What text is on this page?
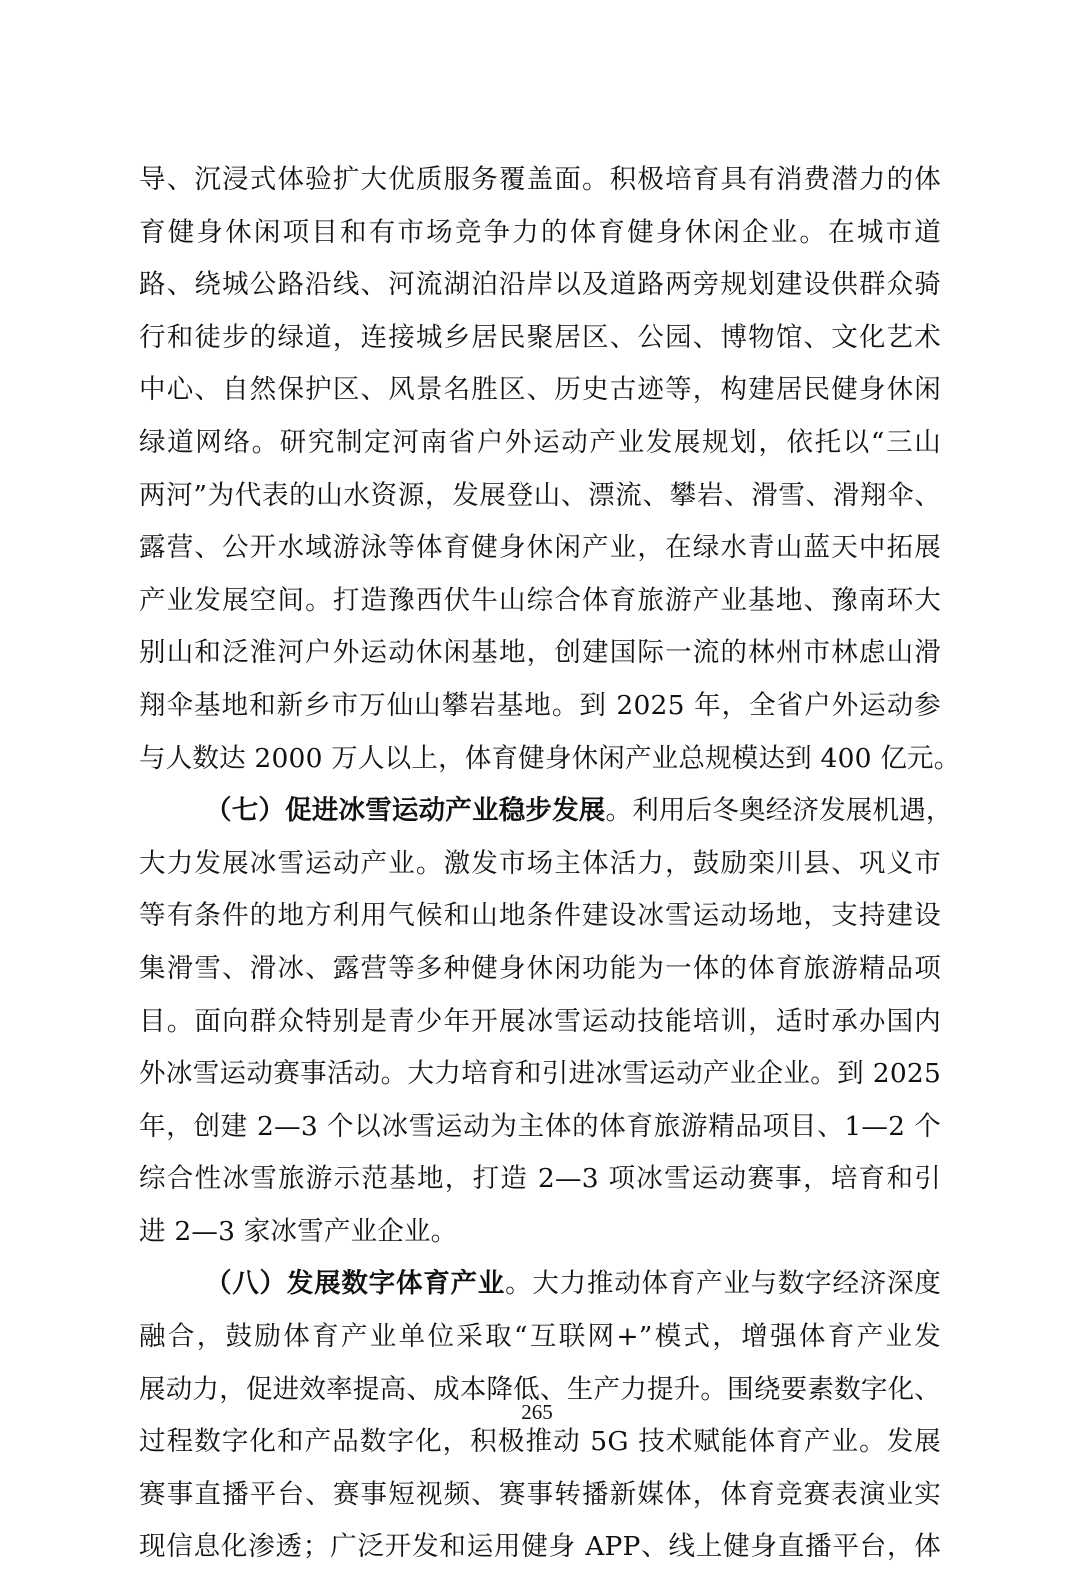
导、沉浸式体验扩大优质服务覆盖面。积极培育具有消费潜力的体
育健身休闲项目和有市场竞争力的体育健身休闲企业。在城市道
路、绕城公路沿线、河流湖泊沿岸以及道路两旁规划建设供群众骑
行和徒步的绿道，连接城乡居民聚居区、公园、博物馆、文化艺术
中心、自然保护区、风景名胜区、历史古迹等，构建居民健身休闲
绿道网络。研究制定河南省户外运动产业发展规划，依托以“三山
两河”为代表的山水资源，发展登山、漂流、攀岩、滑雪、滑翔伞、
露营、公开水域游泳等体育健身休闲产业，在绿水青山蓝天中拓展
产业发展空间。打造豫西伏牛山综合体育旅游产业基地、豫南环大
别山和泛淮河户外运动休闲基地，创建国际一流的林州市林虑山滑
翔伞基地和新乡市万仙山攀岩基地。到 2025 年，全省户外运动参
与人数达 2000 万人以上，体育健身休闲产业总规模达到 400 亿元。
（七）促进冰雪运动产业稳步发展。利用后冬奥经济发展机遇，
大力发展冰雪运动产业。激发市场主体活力，鼓励栾川县、巩义市
等有条件的地方利用气候和山地条件建设冰雪运动场地，支持建设
集滑雪、滑冰、露营等多种健身休闲功能为一体的体育旅游精品项
目。面向群众特别是青少年开展冰雪运动技能培训，适时承办国内
外冰雪运动赛事活动。大力培育和引进冰雪运动产业企业。到 2025
年，创建 2—3 个以冰雪运动为主体的体育旅游精品项目、1—2 个
综合性冰雪旅游示范基地，打造 2—3 项冰雪运动赛事，培育和引
进 2—3 家冰雪产业企业。
（八）发展数字体育产业。大力推动体育产业与数字经济深度
融合，鼓励体育产业单位采取“互联网+”模式，增强体育产业发
展动力，促进效率提高、成本降低、生产力提升。围绕要素数字化、
过程数字化和产品数字化，积极推动 5G 技术赋能体育产业。发展
赛事直播平台、赛事短视频、赛事转播新媒体，体育竞赛表演业实
现信息化渗透；广泛开发和运用健身 APP、线上健身直播平台，体
265
